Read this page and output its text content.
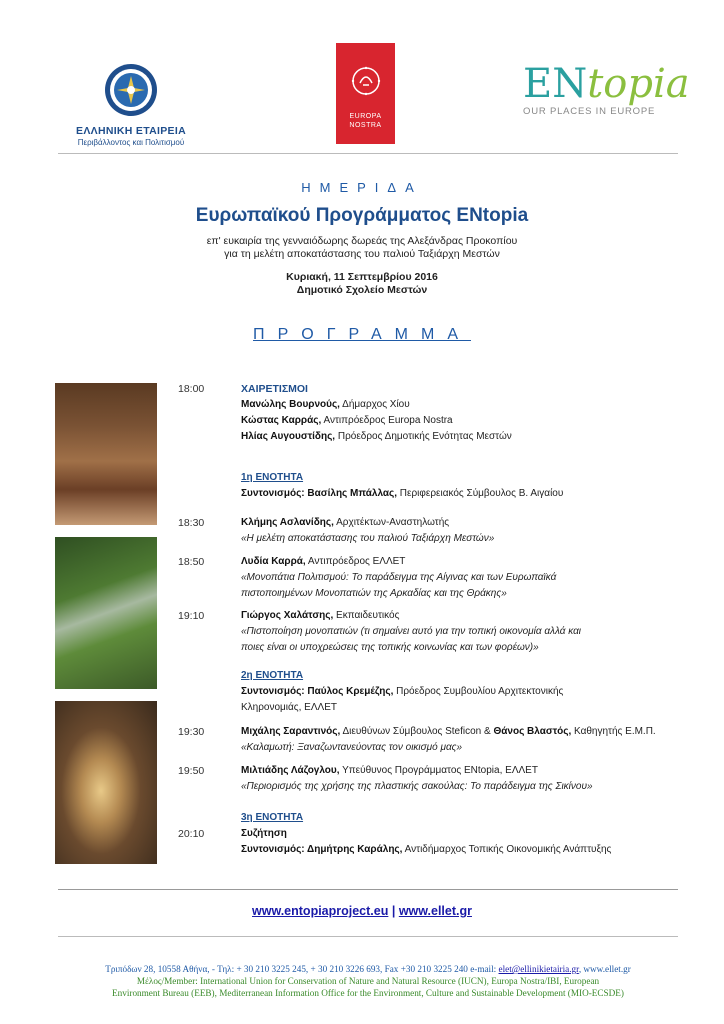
ΕΛΛΗΝΙΚΗ ΕΤΑΙΡΕΙΑ
Περιβάλλοντος και Πολιτισμού
EUROPA
NOSTRA
ENtopia
OUR PLACES IN EUROPE
ΗΜΕΡΙΔΑ
Ευρωπαϊκού Προγράμματος ENtopia
επ' ευκαιρία της γενναιόδωρης δωρεάς της Αλεξάνδρας Προκοπίου
για τη μελέτη αποκατάστασης του παλιού Ταξιάρχη Μεστών
Κυριακή, 11 Σεπτεμβρίου 2016
Δημοτικό Σχολείο Μεστών
ΠΡΟΓΡΑΜΜΑ
18:00	ΧΑΙΡΕΤΙΣΜΟΙ
Μανώλης Βουρνούς, Δήμαρχος Χίου
Κώστας Καρράς, Αντιπρόεδρος Europa Nostra
Ηλίας Αυγουστίδης, Πρόεδρος Δημοτικής Ενότητας Μεστών
1η ΕΝΟΤΗΤΑ
Συντονισμός: Βασίλης Μπάλλας, Περιφερειακός Σύμβουλος Β. Αιγαίου
18:30	Κλήμης Ασλανίδης, Αρχιτέκτων-Αναστηλωτής
«Η μελέτη αποκατάστασης του παλιού Ταξιάρχη Μεστών»
18:50	Λυδία Καρρά, Αντιπρόεδρος ΕΛΛΕΤ
«Μονοπάτια Πολιτισμού: Το παράδειγμα της Αίγινας και των Ευρωπαϊκά
πιστοποιημένων Μονοπατιών της Αρκαδίας και της Θράκης»
19:10	Γιώργος Χαλάτσης, Εκπαιδευτικός
«Πιστοποίηση μονοπατιών (τι σημαίνει αυτό για την τοπική οικονομία αλλά και
ποιες είναι οι υποχρεώσεις της τοπικής κοινωνίας και των φορέων)»
2η ΕΝΟΤΗΤΑ
Συντονισμός: Παύλος Κρεμέζης, Πρόεδρος Συμβουλίου Αρχιτεκτονικής
Κληρονομιάς, ΕΛΛΕΤ
19:30	Μιχάλης Σαραντινός, Διευθύνων Σύμβουλος Steficon & Θάνος Βλαστός, Καθηγητής Ε.Μ.Π.
«Καλαμωτή: Ξαναζωντανεύοντας τον οικισμό μας»
19:50	Μιλτιάδης Λάζογλου, Υπεύθυνος Προγράμματος ENtopia, ΕΛΛΕΤ
«Περιορισμός της χρήσης της πλαστικής σακούλας: Το παράδειγμα της Σικίνου»
3η ΕΝΟΤΗΤΑ
20:10	Συζήτηση
Συντονισμός: Δημήτρης Καράλης, Αντιδήμαρχος Τοπικής Οικονομικής Ανάπτυξης
www.entopiaproject.eu | www.ellet.gr
Τριπόδων 28, 10558 Αθήνα, - Τηλ: + 30 210 3225 245, + 30 210 3226 693, Fax +30 210 3225 240 e-mail: elet@ellinikietairia.gr, www.ellet.gr
Μέλος/Member: International Union for Conservation of Nature and Natural Resource (IUCN), Europa Nostra/IBI, European
Environment Bureau (EEB), Mediterranean Information Office for the Environment, Culture and Sustainable Development (MIO-ECSDE)
